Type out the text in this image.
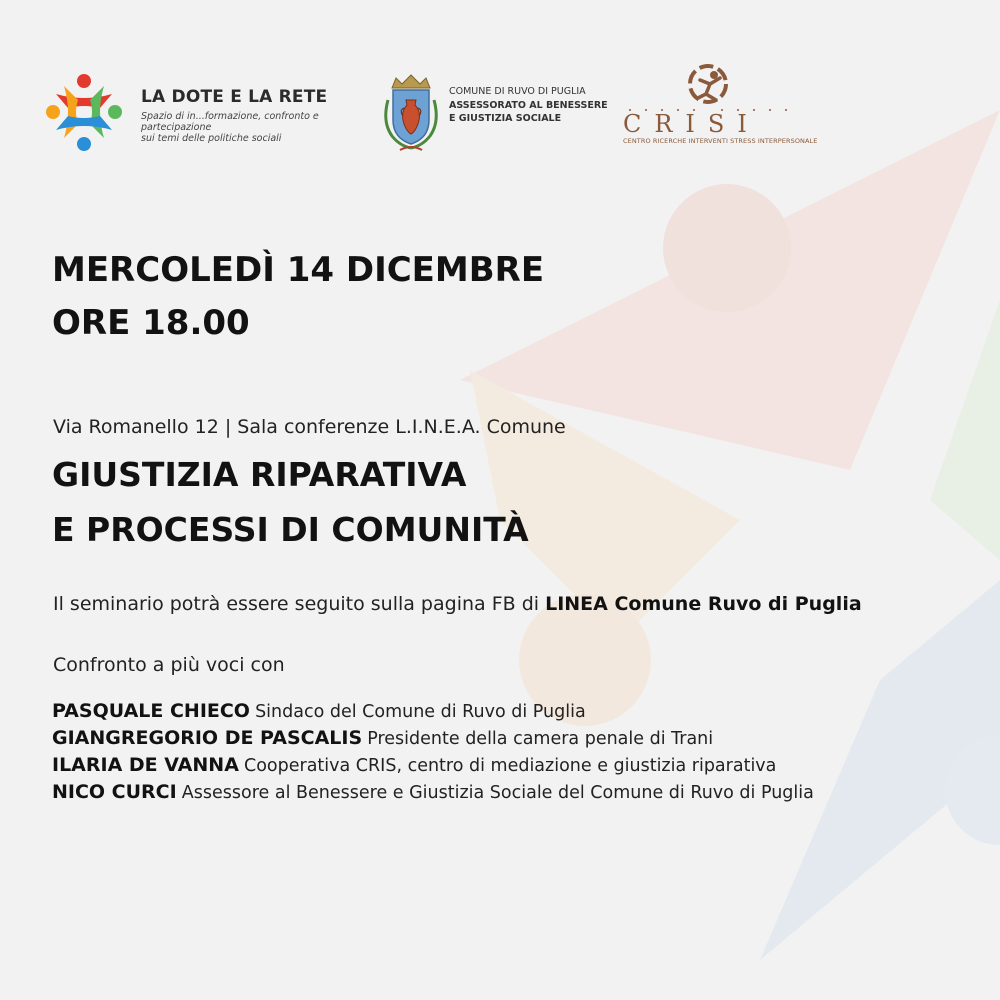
LA DOTE E LA RETE
Spazio di in...formazione, confronto e partecipazione
sui temi delle politiche sociali
COMUNE DI RUVO DI PUGLIA
ASSESSORATO AL BENESSERE
E GIUSTIZIA SOCIALE	CRISI
CENTRO RICERCHE INTERVENTI STRESS INTERPERSONALE
MERCOLEDÌ 14 DICEMBRE
ORE 18.00
Via Romanello 12 | Sala conferenze L.I.N.E.A. Comune
GIUSTIZIA RIPARATIVA
E PROCESSI DI COMUNITÀ
Il seminario potrà essere seguito sulla pagina FB di LINEA Comune Ruvo di Puglia
Confronto a più voci con
PASQUALE CHIECO Sindaco del Comune di Ruvo di Puglia
GIANGREGORIO DE PASCALIS Presidente della camera penale di Trani
ILARIA DE VANNA Cooperativa CRIS, centro di mediazione e giustizia riparativa
NICO CURCI Assessore al Benessere e Giustizia Sociale del Comune di Ruvo di Puglia
